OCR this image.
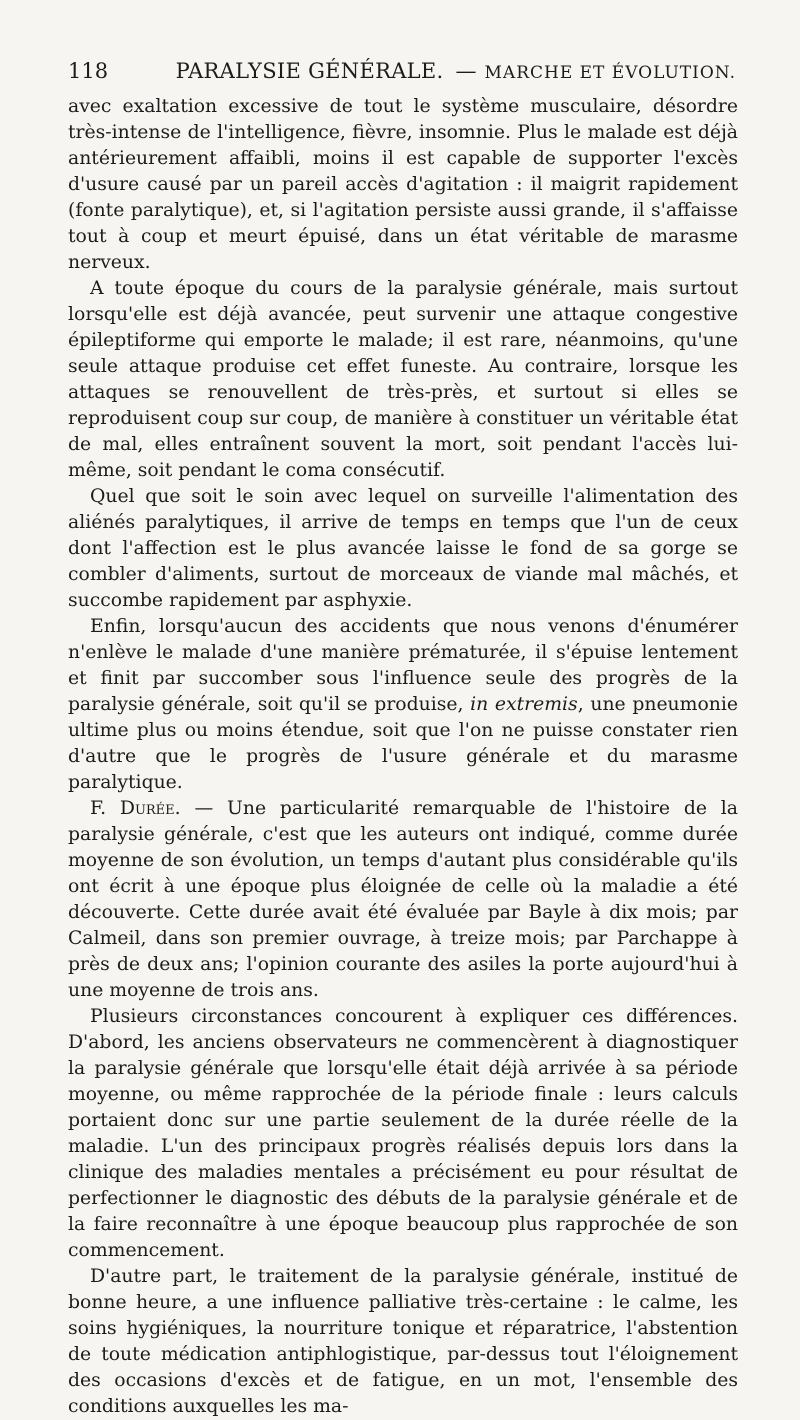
118	PARALYSIE GÉNÉRALE. — MARCHE ET ÉVOLUTION.

avec exaltation excessive de tout le système musculaire, désordre très-intense de l'intelligence, fièvre, insomnie. Plus le malade est déjà antérieurement affaibli, moins il est capable de supporter l'excès d'usure causé par un pareil accès d'agitation : il maigrit rapidement (fonte paralytique), et, si l'agitation persiste aussi grande, il s'affaisse tout à coup et meurt épuisé, dans un état véritable de marasme nerveux.

A toute époque du cours de la paralysie générale, mais surtout lorsqu'elle est déjà avancée, peut survenir une attaque congestive épileptiforme qui emporte le malade; il est rare, néanmoins, qu'une seule attaque produise cet effet funeste. Au contraire, lorsque les attaques se renouvellent de très-près, et surtout si elles se reproduisent coup sur coup, de manière à constituer un véritable état de mal, elles entraînent souvent la mort, soit pendant l'accès lui-même, soit pendant le coma consécutif.

Quel que soit le soin avec lequel on surveille l'alimentation des aliénés paralytiques, il arrive de temps en temps que l'un de ceux dont l'affection est le plus avancée laisse le fond de sa gorge se combler d'aliments, surtout de morceaux de viande mal mâchés, et succombe rapidement par asphyxie.

Enfin, lorsqu'aucun des accidents que nous venons d'énumérer n'enlève le malade d'une manière prématurée, il s'épuise lentement et finit par succomber sous l'influence seule des progrès de la paralysie générale, soit qu'il se produise, in extremis, une pneumonie ultime plus ou moins étendue, soit que l'on ne puisse constater rien d'autre que le progrès de l'usure générale et du marasme paralytique.

F. Durée. — Une particularité remarquable de l'histoire de la paralysie générale, c'est que les auteurs ont indiqué, comme durée moyenne de son évolution, un temps d'autant plus considérable qu'ils ont écrit à une époque plus éloignée de celle où la maladie a été découverte. Cette durée avait été évaluée par Bayle à dix mois; par Calmeil, dans son premier ouvrage, à treize mois; par Parchappe à près de deux ans; l'opinion courante des asiles la porte aujourd'hui à une moyenne de trois ans.

Plusieurs circonstances concourent à expliquer ces différences. D'abord, les anciens observateurs ne commencèrent à diagnostiquer la paralysie générale que lorsqu'elle était déjà arrivée à sa période moyenne, ou même rapprochée de la période finale : leurs calculs portaient donc sur une partie seulement de la durée réelle de la maladie. L'un des principaux progrès réalisés depuis lors dans la clinique des maladies mentales a précisément eu pour résultat de perfectionner le diagnostic des débuts de la paralysie générale et de la faire reconnaître à une époque beaucoup plus rapprochée de son commencement.

D'autre part, le traitement de la paralysie générale, institué de bonne heure, a une influence palliative très-certaine : le calme, les soins hygiéniques, la nourriture tonique et réparatrice, l'abstention de toute médication antiphlogistique, par-dessus tout l'éloignement des occasions d'excès et de fatigue, en un mot, l'ensemble des conditions auxquelles les ma-
